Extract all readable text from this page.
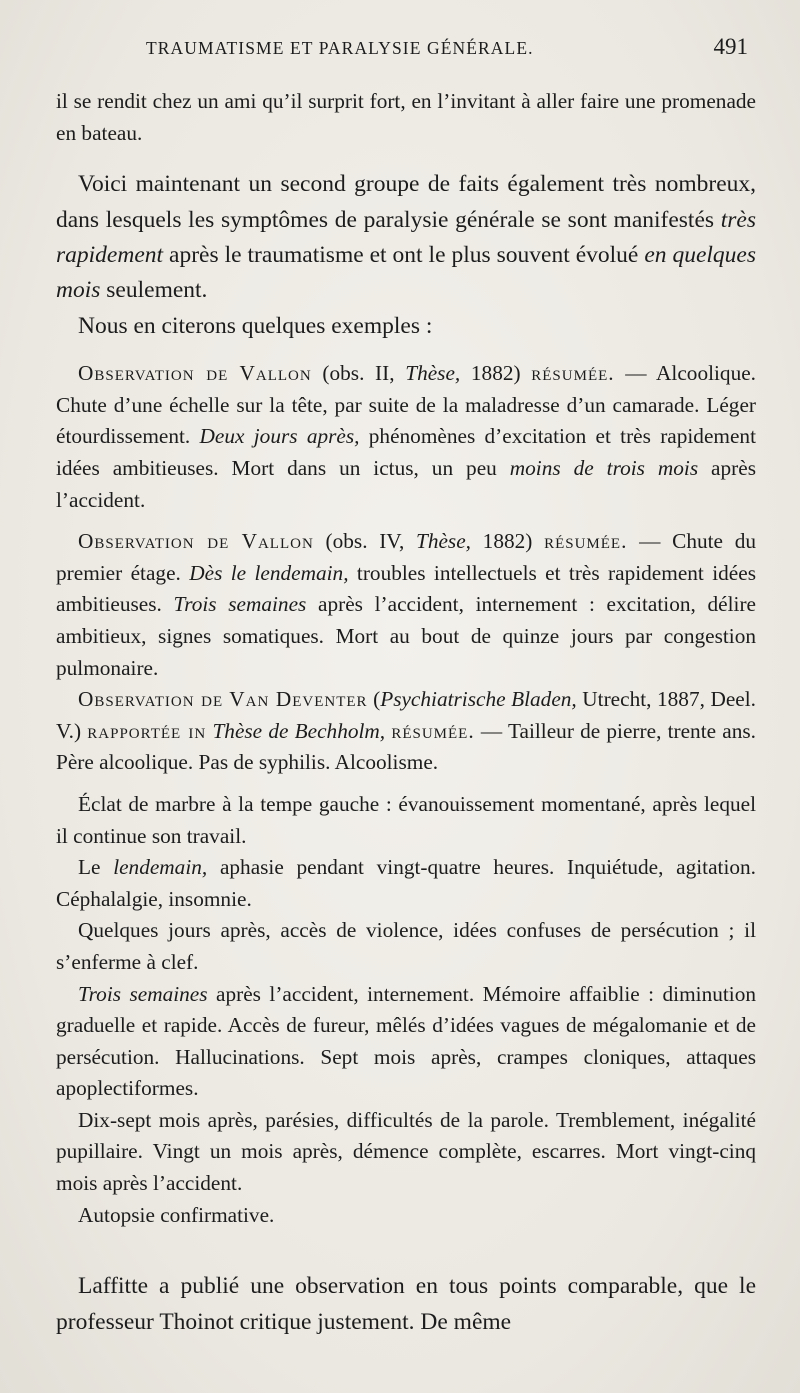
TRAUMATISME ET PARALYSIE GÉNÉRALE.	491

il se rendit chez un ami qu’il surprit fort, en l’invitant à aller faire une promenade en bateau.

Voici maintenant un second groupe de faits également très nombreux, dans lesquels les symptômes de paralysie générale se sont manifestés très rapidement après le traumatisme et ont le plus souvent évolué en quelques mois seulement.

Nous en citerons quelques exemples :

Observation de Vallon (obs. II, Thèse, 1882) résumée. — Alcoolique. Chute d’une échelle sur la tête, par suite de la maladresse d’un camarade. Léger étourdissement. Deux jours après, phénomènes d’excitation et très rapidement idées ambitieuses. Mort dans un ictus, un peu moins de trois mois après l’accident.

Observation de Vallon (obs. IV, Thèse, 1882) résumée. — Chute du premier étage. Dès le lendemain, troubles intellectuels et très rapidement idées ambitieuses. Trois semaines après l’accident, internement : excitation, délire ambitieux, signes somatiques. Mort au bout de quinze jours par congestion pulmonaire.

Observation de Van Deventer (Psychiatrische Bladen, Utrecht, 1887, Deel. V.) rapportée in Thèse de Bechholm, résumée. — Tailleur de pierre, trente ans. Père alcoolique. Pas de syphilis. Alcoolisme.

Éclat de marbre à la tempe gauche : évanouissement momentané, après lequel il continue son travail.

Le lendemain, aphasie pendant vingt-quatre heures. Inquiétude, agitation. Céphalalgie, insomnie.

Quelques jours après, accès de violence, idées confuses de persécution ; il s’enferme à clef.

Trois semaines après l’accident, internement. Mémoire affaiblie : diminution graduelle et rapide. Accès de fureur, mêlés d’idées vagues de mégalomanie et de persécution. Hallucinations. Sept mois après, crampes cloniques, attaques apoplectiformes.

Dix-sept mois après, parésies, difficultés de la parole. Tremblement, inégalité pupillaire. Vingt un mois après, démence complète, escarres. Mort vingt-cinq mois après l’accident.

Autopsie confirmative.

Laffitte a publié une observation en tous points comparable, que le professeur Thoinot critique justement. De même
